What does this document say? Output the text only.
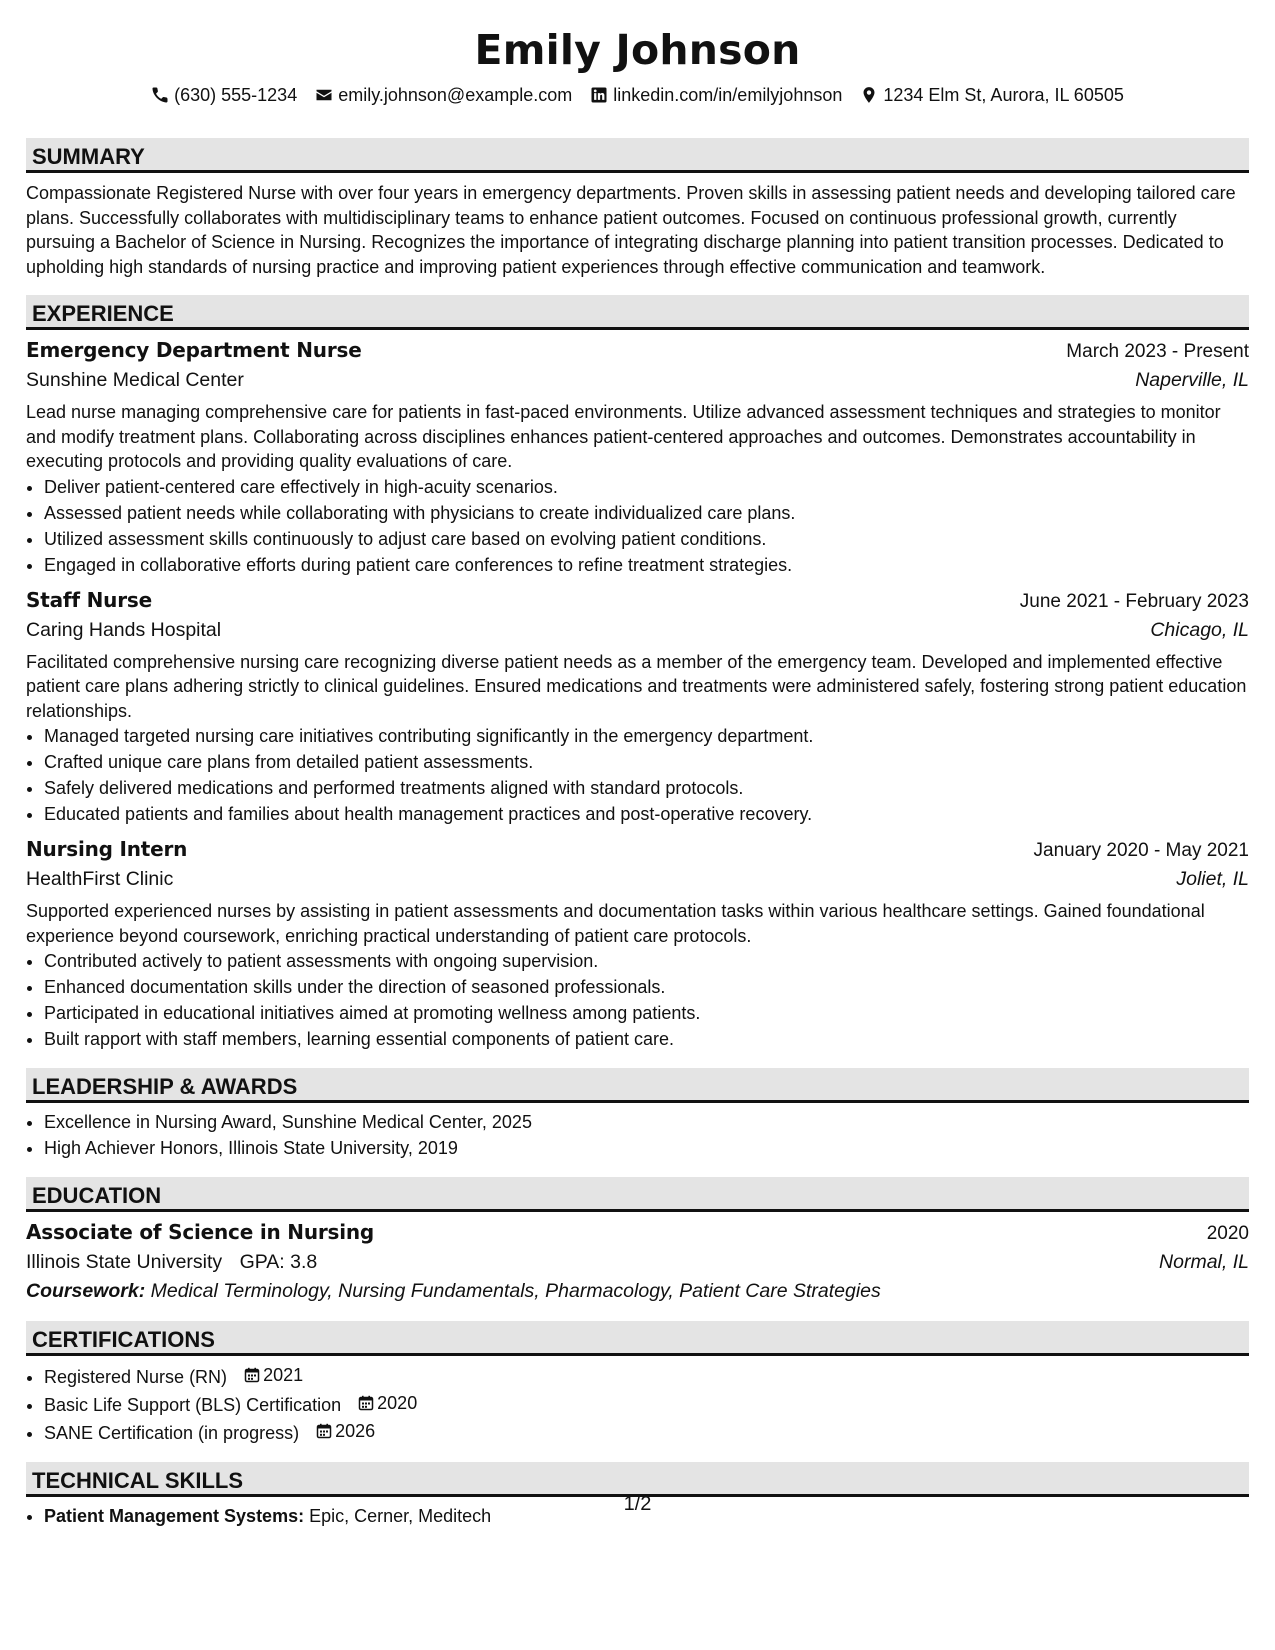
Emily Johnson
(630) 555-1234 emily.johnson@example.com linkedin.com/in/emilyjohnson 1234 Elm St, Aurora, IL 60505
SUMMARY

Compassionate Registered Nurse with over four years in emergency departments. Proven skills in assessing patient needs and developing tailored care plans. Successfully collaborates with multidisciplinary teams to enhance patient outcomes. Focused on continuous professional growth, currently pursuing a Bachelor of Science in Nursing. Recognizes the importance of integrating discharge planning into patient transition processes. Dedicated to upholding high standards of nursing practice and improving patient experiences through effective communication and teamwork.

EXPERIENCE
Emergency Department Nurse	March 2023 - Present
Sunshine Medical Center	Naperville, IL

Lead nurse managing comprehensive care for patients in fast-paced environments. Utilize advanced assessment techniques and strategies to monitor and modify treatment plans. Collaborating across disciplines enhances patient-centered approaches and outcomes. Demonstrates accountability in executing protocols and providing quality evaluations of care.

• Deliver patient-centered care effectively in high-acuity scenarios.
• Assessed patient needs while collaborating with physicians to create individualized care plans.
• Utilized assessment skills continuously to adjust care based on evolving patient conditions.
• Engaged in collaborative efforts during patient care conferences to refine treatment strategies.
Staff Nurse	June 2021 - February 2023
Caring Hands Hospital	Chicago, IL

Facilitated comprehensive nursing care recognizing diverse patient needs as a member of the emergency team. Developed and implemented effective patient care plans adhering strictly to clinical guidelines. Ensured medications and treatments were administered safely, fostering strong patient education relationships.

• Managed targeted nursing care initiatives contributing significantly in the emergency department.
• Crafted unique care plans from detailed patient assessments.
• Safely delivered medications and performed treatments aligned with standard protocols.
• Educated patients and families about health management practices and post-operative recovery.
Nursing Intern	January 2020 - May 2021
HealthFirst Clinic	Joliet, IL

Supported experienced nurses by assisting in patient assessments and documentation tasks within various healthcare settings. Gained foundational experience beyond coursework, enriching practical understanding of patient care protocols.

• Contributed actively to patient assessments with ongoing supervision.
• Enhanced documentation skills under the direction of seasoned professionals.
• Participated in educational initiatives aimed at promoting wellness among patients.
• Built rapport with staff members, learning essential components of patient care.
LEADERSHIP & AWARDS
• Excellence in Nursing Award, Sunshine Medical Center, 2025
• High Achiever Honors, Illinois State University, 2019
EDUCATION
Associate of Science in Nursing	2020
Illinois State University GPA: 3.8	Normal, IL
Coursework: Medical Terminology, Nursing Fundamentals, Pharmacology, Patient Care Strategies
CERTIFICATIONS
• Registered Nurse (RN) 2021
• Basic Life Support (BLS) Certification 2020
• SANE Certification (in progress) 2026
TECHNICAL SKILLS
• Patient Management Systems: Epic, Cerner, Meditech
1/2
